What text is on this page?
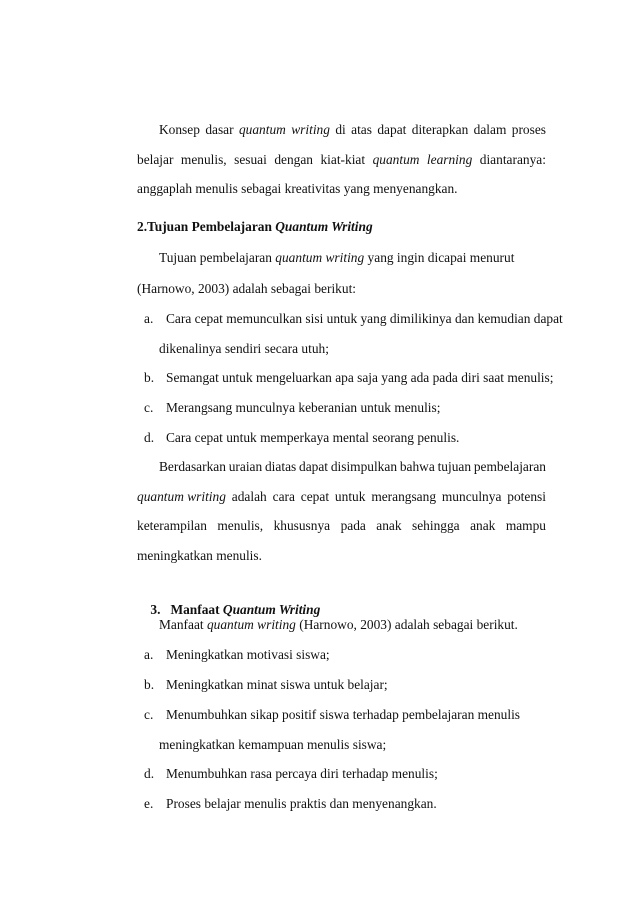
Konsep dasar quantum writing di atas dapat diterapkan dalam proses
belajar menulis, sesuai dengan kiat-kiat quantum learning diantaranya:
anggaplah menulis sebagai kreativitas yang menyenangkan.
2.Tujuan Pembelajaran Quantum Writing
Tujuan pembelajaran quantum writing yang ingin dicapai menurut
(Harnowo, 2003) adalah sebagai berikut:
a. Cara cepat memunculkan sisi untuk yang dimilikinya dan kemudian dapat
dikenalinya sendiri secara utuh;
b. Semangat untuk mengeluarkan apa saja yang ada pada diri saat menulis;
c. Merangsang munculnya keberanian untuk menulis;
d. Cara cepat untuk memperkaya mental seorang penulis.
Berdasarkan uraian diatas dapat disimpulkan bahwa tujuan pembelajaran
quantum writing adalah cara cepat untuk merangsang munculnya potensi
keterampilan menulis, khususnya pada anak sehingga anak mampu
meningkatkan menulis.

3.   Manfaat Quantum Writing

Manfaat quantum writing (Harnowo, 2003) adalah sebagai berikut.
a. Meningkatkan motivasi siswa;
b. Meningkatkan minat siswa untuk belajar;
c. Menumbuhkan sikap positif siswa terhadap pembelajaran menulis
meningkatkan kemampuan menulis siswa;
d. Menumbuhkan rasa percaya diri terhadap menulis;
e. Proses belajar menulis praktis dan menyenangkan.
